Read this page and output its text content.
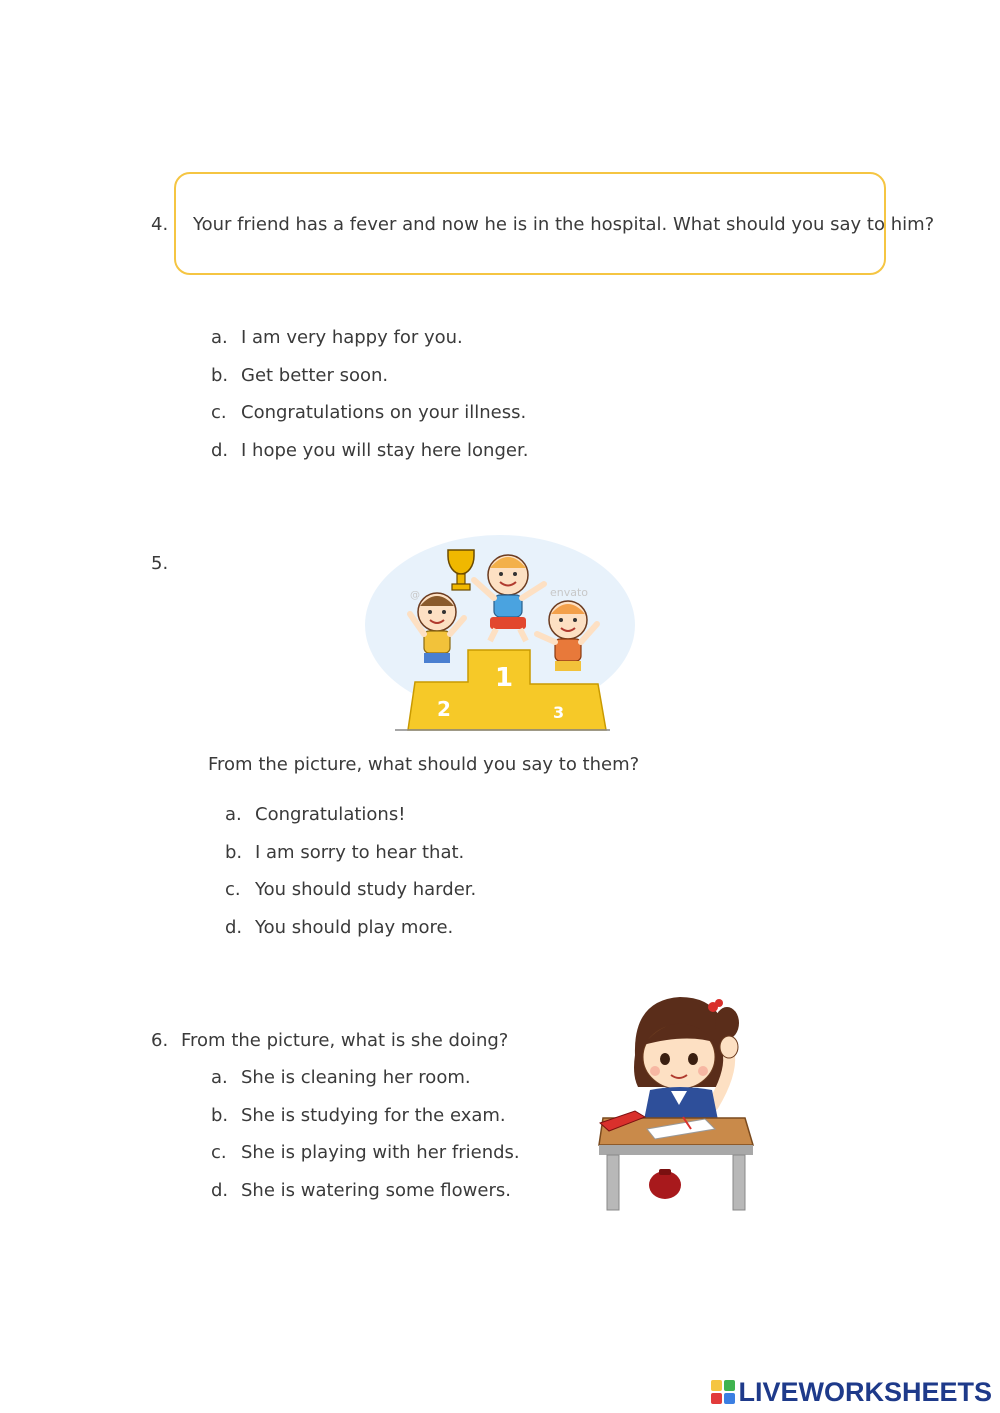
4. Your friend has a fever and now he is in the hospital. What should you say to him?
a. I am very happy for you.
b. Get better soon.
c. Congratulations on your illness.
d. I hope you will stay here longer.
5.
@	envato
1
2	3
From the picture, what should you say to them?
a. Congratulations!
b. I am sorry to hear that.
c. You should study harder.
d. You should play more.
6. From the picture, what is she doing?
a. She is cleaning her room.
b. She is studying for the exam.
c. She is playing with her friends.
d. She is watering some flowers.
LIVEWORKSHEETS
